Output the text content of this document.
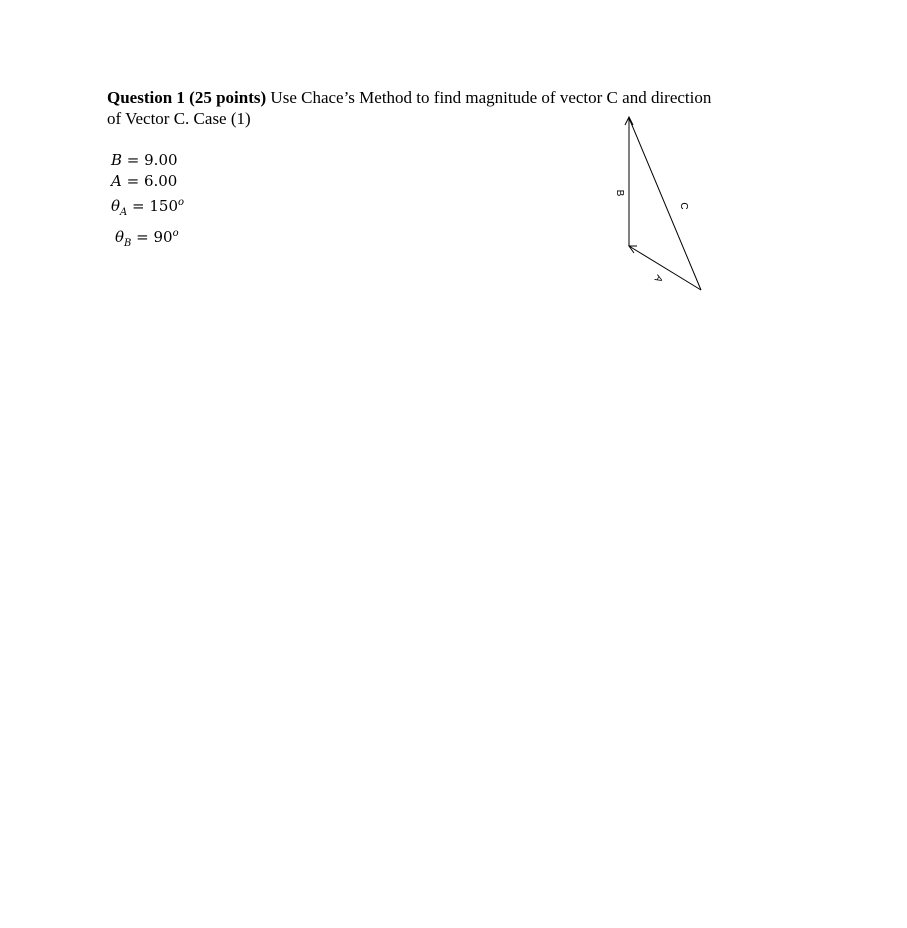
Question 1 (25 points) Use Chace’s Method to find magnitude of vector C and direction
of Vector C. Case (1)
B = 9.00
A = 6.00
$\theta_A = 150^o$
$\theta_B = 90^o$
B
C
A
